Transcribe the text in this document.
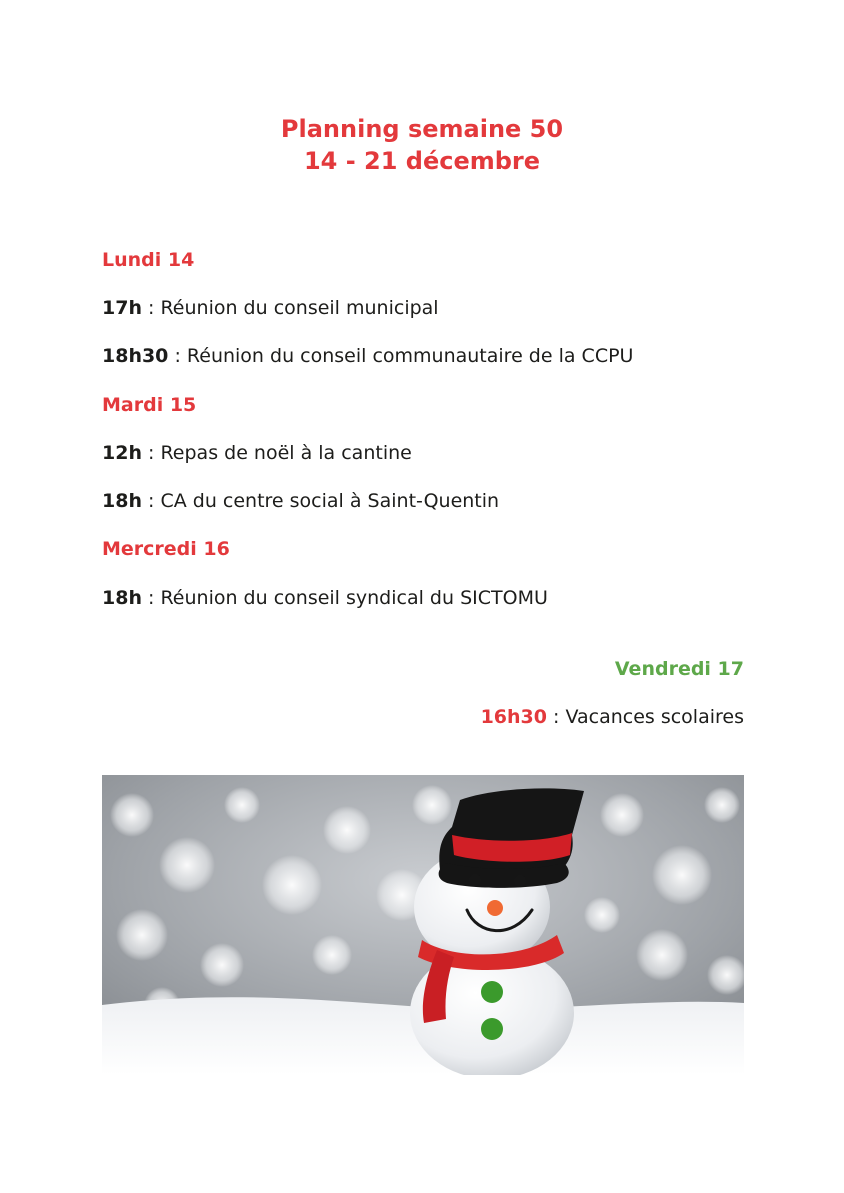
Planning semaine 50
14 - 21 décembre
Lundi 14
17h : Réunion du conseil municipal
18h30 : Réunion du conseil communautaire de la CCPU
Mardi 15
12h : Repas de noël à la cantine
18h : CA du centre social à Saint-Quentin
Mercredi 16
18h : Réunion du conseil syndical du SICTOMU
Vendredi 17
16h30 : Vacances scolaires
